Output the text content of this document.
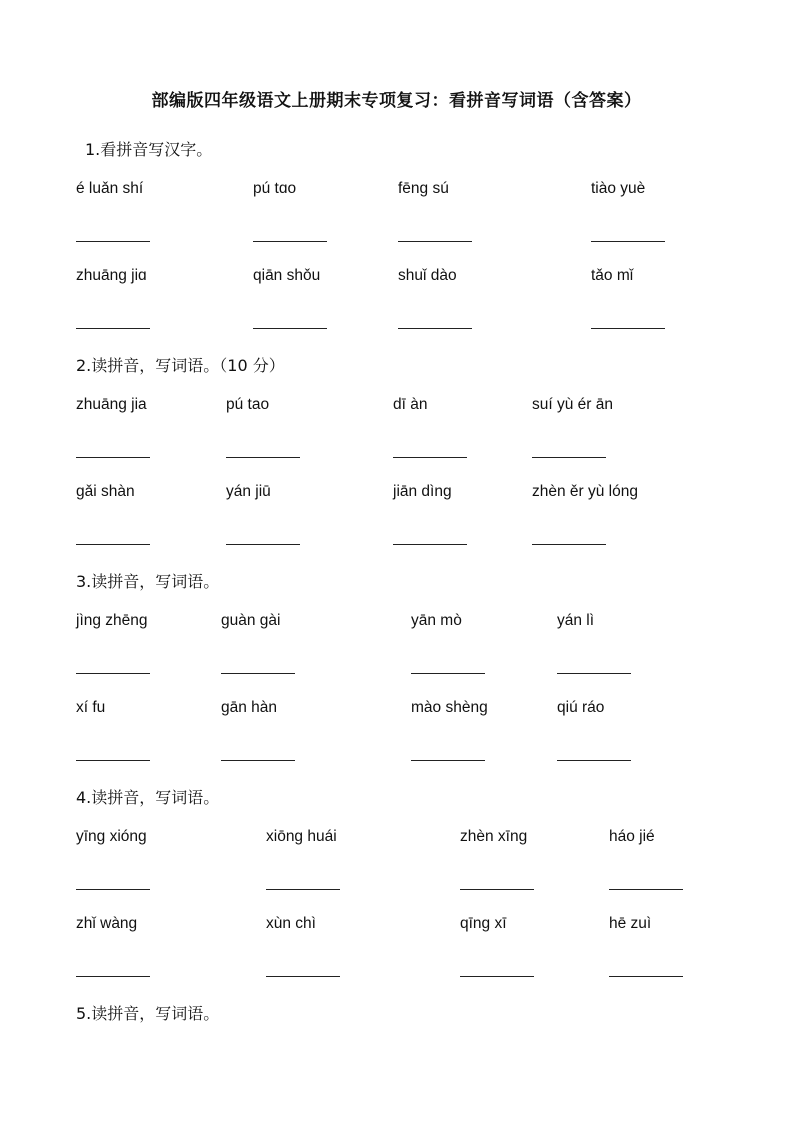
部编版四年级语文上册期末专项复习：看拼音写词语（含答案）
1.看拼音写汉字。
é luǎn shí	pú tɑo	fēng sú	tiào yuè
zhuāng jiɑ	qiān shǒu	shuǐ dào	tǎo mǐ
2.读拼音，写词语。（10 分）
zhuāng jia	pú tao	dī àn	suí yù ér ān
gǎi shàn	yán jiū	jiān dìng	zhèn ěr yù lóng
3.读拼音，写词语。
jìng zhēng	guàn gài	yān mò	yán lì
xí fu	gān hàn	mào shèng	qiú ráo
4.读拼音，写词语。
yīng xióng	xiōng huái	zhèn xīng	háo jié
zhǐ wàng	xùn chì	qīng xī	hē zuì
5.读拼音，写词语。
